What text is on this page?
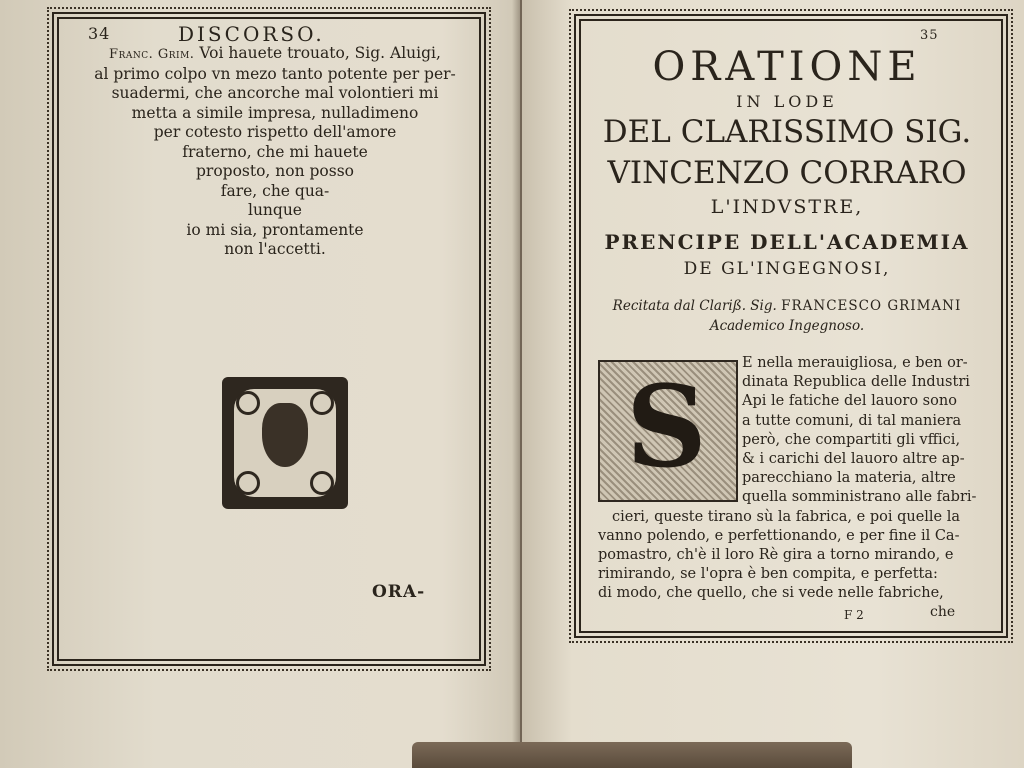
34	DISCORSO.
Franc. Grim. Voi hauete trouato, Sig. Aluigi,
al primo colpo vn mezo tanto potente per per-
suadermi, che ancorche mal volontieri mi
metta a simile impresa, nulladimeno
per cotesto rispetto dell'amore
fraterno, che mi hauete
proposto, non posso
fare, che qua-
lunque
io mi sia, prontamente
non l'accetti.
ORA-
35
ORATIONE
IN LODE
DEL CLARISSIMO SIG.
VINCENZO CORRARO
L'INDVSTRE,
PRENCIPE DELL'ACADEMIA
DE GL'INGEGNOSI,
Recitata dal Clariß. Sig. FRANCESCO GRIMANI
Academico Ingegnoso.
S	E nella merauigliosa, e ben or-
dinata Republica delle Industri
Api le fatiche del lauoro sono
a tutte comuni, di tal maniera
però, che compartiti gli vffici,
& i carichi del lauoro altre ap-
parecchiano la materia, altre
quella somministrano alle fabri-
cieri, queste tirano sù la fabrica, e poi quelle la
vanno polendo, e perfettionando, e per fine il Ca-
pomastro, ch'è il loro Rè gira a torno mirando, e
rimirando, se l'opra è ben compita, e perfetta:
di modo, che quello, che si vede nelle fabriche,
F 2	che
